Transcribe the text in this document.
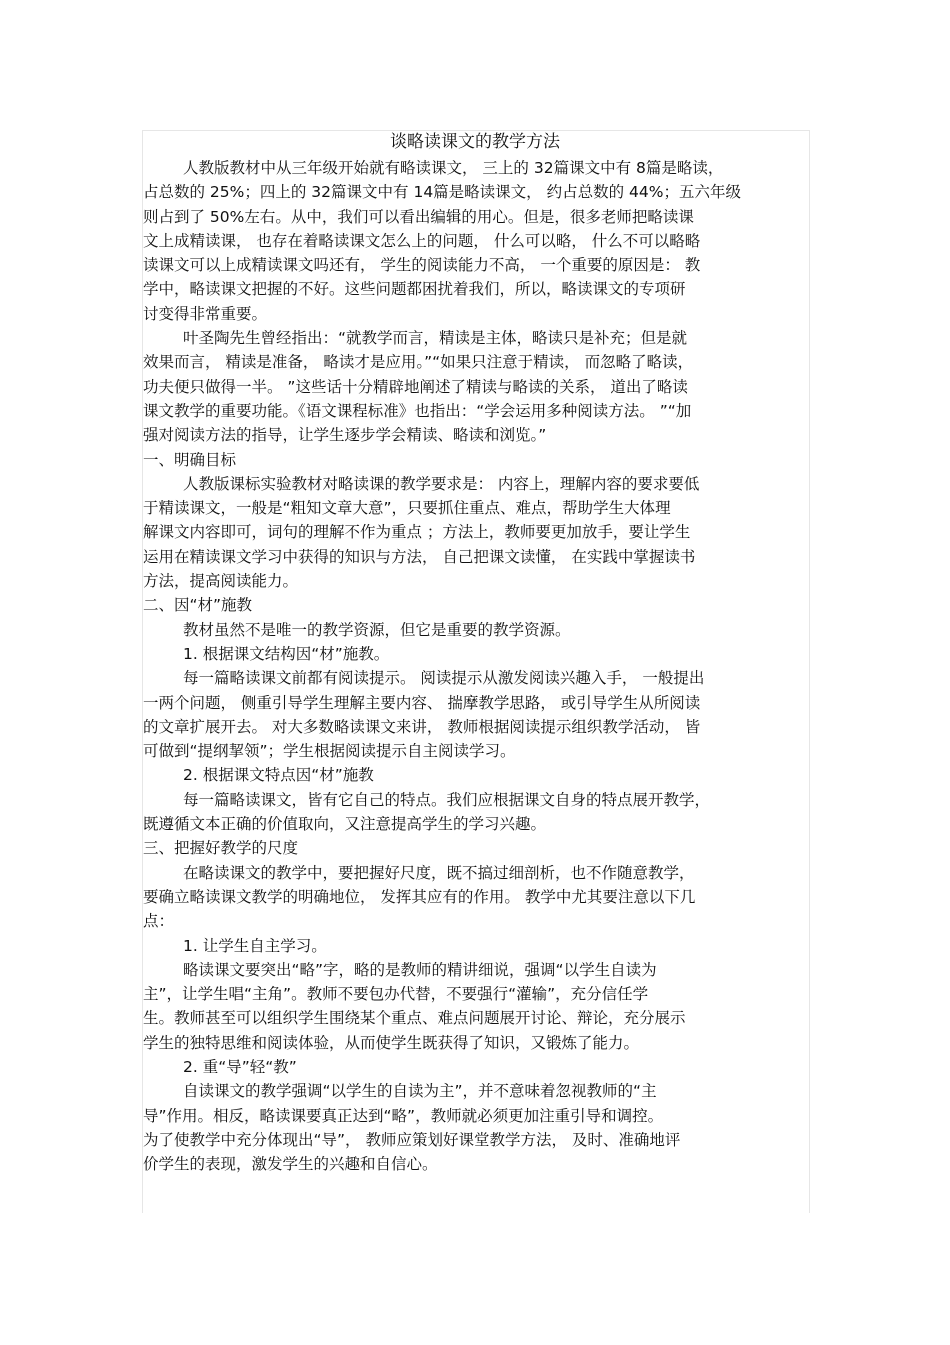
谈略读课文的教学方法

人教版教材中从三年级开始就有略读课文， 三上的 32篇课文中有 8篇是略读，

占总数的 25%；四上的 32篇课文中有 14篇是略读课文， 约占总数的 44%；五六年级

则占到了 50%左右。从中，我们可以看出编辑的用心。但是，很多老师把略读课

文上成精读课， 也存在着略读课文怎么上的问题， 什么可以略， 什么不可以略略

读课文可以上成精读课文吗还有， 学生的阅读能力不高， 一个重要的原因是： 教

学中，略读课文把握的不好。这些问题都困扰着我们，所以，略读课文的专项研

讨变得非常重要。

叶圣陶先生曾经指出：“就教学而言，精读是主体，略读只是补充；但是就

效果而言， 精读是准备， 略读才是应用。”“如果只注意于精读， 而忽略了略读，

功夫便只做得一半。 ”这些话十分精辟地阐述了精读与略读的关系， 道出了略读

课文教学的重要功能。《语文课程标准》也指出：“学会运用多种阅读方法。 ”“加

强对阅读方法的指导，让学生逐步学会精读、略读和浏览。”

一、明确目标

人教版课标实验教材对略读课的教学要求是： 内容上，理解内容的要求要低

于精读课文，一般是“粗知文章大意”，只要抓住重点、难点，帮助学生大体理

解课文内容即可，词句的理解不作为重点 ；方法上，教师要更加放手，要让学生

运用在精读课文学习中获得的知识与方法， 自己把课文读懂， 在实践中掌握读书

方法，提高阅读能力。

二、因“材”施教

教材虽然不是唯一的教学资源，但它是重要的教学资源。

1. 根据课文结构因“材”施教。

每一篇略读课文前都有阅读提示。 阅读提示从激发阅读兴趣入手， 一般提出

一两个问题， 侧重引导学生理解主要内容、 揣摩教学思路， 或引导学生从所阅读

的文章扩展开去。 对大多数略读课文来讲， 教师根据阅读提示组织教学活动， 皆

可做到“提纲挈领”；学生根据阅读提示自主阅读学习。

2. 根据课文特点因“材”施教

每一篇略读课文，皆有它自己的特点。我们应根据课文自身的特点展开教学，

既遵循文本正确的价值取向，又注意提高学生的学习兴趣。

三、把握好教学的尺度

在略读课文的教学中，要把握好尺度，既不搞过细剖析，也不作随意教学，

要确立略读课文教学的明确地位， 发挥其应有的作用。 教学中尤其要注意以下几

点：

1. 让学生自主学习。

略读课文要突出“略”字，略的是教师的精讲细说，强调“以学生自读为

主”，让学生唱“主角”。教师不要包办代替，不要强行“灌输”，充分信任学

生。教师甚至可以组织学生围绕某个重点、难点问题展开讨论、辩论，充分展示

学生的独特思维和阅读体验，从而使学生既获得了知识，又锻炼了能力。

2. 重“导”轻“教”

自读课文的教学强调“以学生的自读为主”，并不意味着忽视教师的“主

导”作用。相反，略读课要真正达到“略”，教师就必须更加注重引导和调控。

为了使教学中充分体现出“导”， 教师应策划好课堂教学方法， 及时、准确地评

价学生的表现，激发学生的兴趣和自信心。
